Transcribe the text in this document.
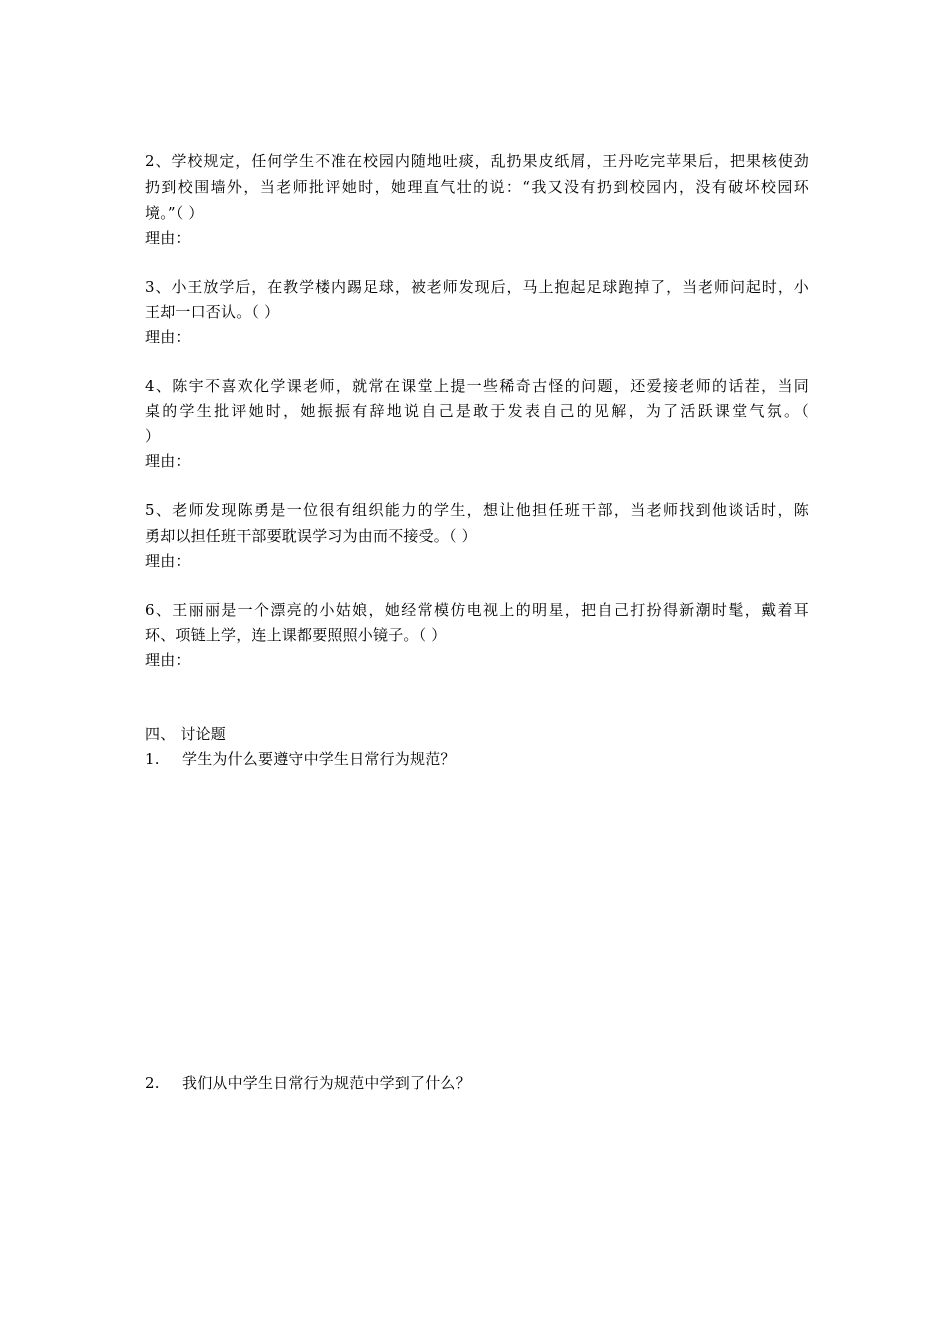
2、学校规定，任何学生不准在校园内随地吐痰，乱扔果皮纸屑，王丹吃完苹果后，把果核使劲
扔到校围墙外，当老师批评她时，她理直气壮的说：“我又没有扔到校园内，没有破坏校园环
境。”（ ）
理由：
3、小王放学后，在教学楼内踢足球，被老师发现后，马上抱起足球跑掉了，当老师问起时，小
王却一口否认。（ ）
理由：
4、陈宇不喜欢化学课老师，就常在课堂上提一些稀奇古怪的问题，还爱接老师的话茬，当同
桌的学生批评她时，她振振有辞地说自己是敢于发表自己的见解，为了活跃课堂气氛。（
）
理由：
5、老师发现陈勇是一位很有组织能力的学生，想让他担任班干部，当老师找到他谈话时，陈
勇却以担任班干部要耽误学习为由而不接受。（ ）
理由：
6、王丽丽是一个漂亮的小姑娘，她经常模仿电视上的明星，把自己打扮得新潮时髦，戴着耳
环、项链上学，连上课都要照照小镜子。（ ）
理由：
四、 讨论题
1. 学生为什么要遵守中学生日常行为规范？
2. 我们从中学生日常行为规范中学到了什么？
